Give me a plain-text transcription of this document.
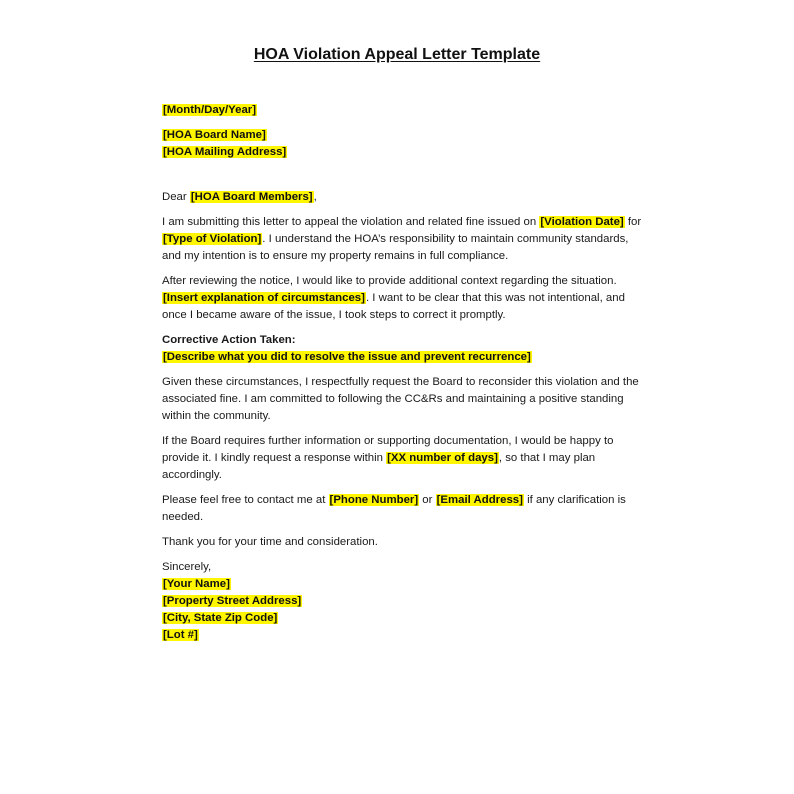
HOA Violation Appeal Letter Template

[Month/Day/Year]

[HOA Board Name]

[HOA Mailing Address]

Dear [HOA Board Members],

I am submitting this letter to appeal the violation and related fine issued on [Violation Date] for [Type of Violation]. I understand the HOA’s responsibility to maintain community standards, and my intention is to ensure my property remains in full compliance.

After reviewing the notice, I would like to provide additional context regarding the situation. [Insert explanation of circumstances]. I want to be clear that this was not intentional, and once I became aware of the issue, I took steps to correct it promptly.

Corrective Action Taken:

[Describe what you did to resolve the issue and prevent recurrence]

Given these circumstances, I respectfully request the Board to reconsider this violation and the associated fine. I am committed to following the CC&Rs and maintaining a positive standing within the community.

If the Board requires further information or supporting documentation, I would be happy to provide it. I kindly request a response within [XX number of days], so that I may plan accordingly.

Please feel free to contact me at [Phone Number] or [Email Address] if any clarification is needed.

Thank you for your time and consideration.

Sincerely,

[Your Name]

[Property Street Address]

[City, State Zip Code]

[Lot #]
